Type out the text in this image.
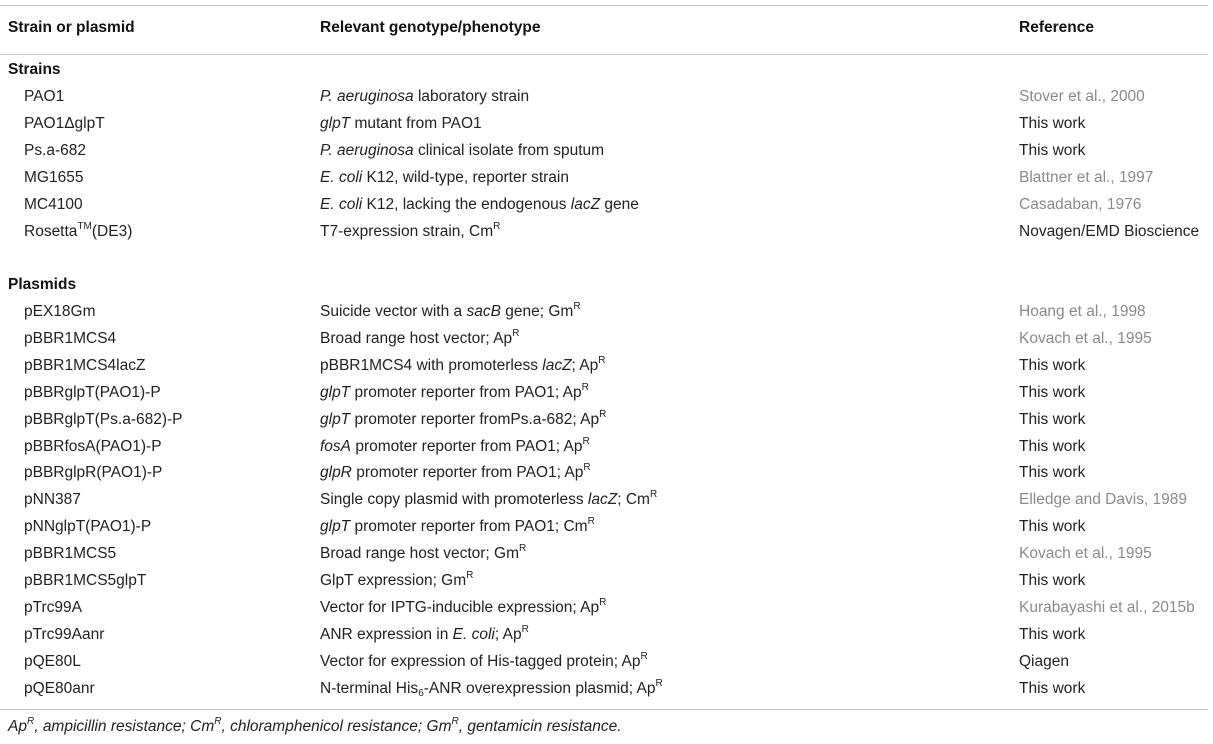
Strain or plasmid	Relevant genotype/phenotype	Reference
Strains
PAO1	P. aeruginosa laboratory strain	Stover et al., 2000
PAO1ΔglpT	glpT mutant from PAO1	This work
Ps.a-682	P. aeruginosa clinical isolate from sputum	This work
MG1655	E. coli K12, wild-type, reporter strain	Blattner et al., 1997
MC4100	E. coli K12, lacking the endogenous lacZ gene	Casadaban, 1976
Rosetta™(DE3)	T7-expression strain, $Cm^R$	Novagen/EMD Bioscience
Plasmids
pEX18Gm	Suicide vector with a sacB gene; $Gm^R$	Hoang et al., 1998
pBBR1MCS4	Broad range host vector; $Ap^R$	Kovach et al., 1995
pBBR1MCS4lacZ	pBBR1MCS4 with promoterless lacZ; $Ap^R$	This work
pBBRglpT(PAO1)-P	glpT promoter reporter from PAO1; $Ap^R$	This work
pBBRglpT(Ps.a-682)-P	glpT promoter reporter fromPs.a-682; $Ap^R$	This work
pBBRfosA(PAO1)-P	fosA promoter reporter from PAO1; $Ap^R$	This work
pBBRglpR(PAO1)-P	glpR promoter reporter from PAO1; $Ap^R$	This work
pNN387	Single copy plasmid with promoterless lacZ; $Cm^R$	Elledge and Davis, 1989
pNNglpT(PAO1)-P	glpT promoter reporter from PAO1; $Cm^R$	This work
pBBR1MCS5	Broad range host vector; $Gm^R$	Kovach et al., 1995
pBBR1MCS5glpT	GlpT expression; $Gm^R$	This work
pTrc99A	Vector for IPTG-inducible expression; $Ap^R$	Kurabayashi et al., 2015b
pTrc99Aanr	ANR expression in E. coli; $Ap^R$	This work
pQE80L	Vector for expression of His-tagged protein; $Ap^R$	Qiagen
pQE80anr	N-terminal His$_6$-ANR overexpression plasmid; $Ap^R$	This work
$Ap^R$, ampicillin resistance; $Cm^R$, chloramphenicol resistance; $Gm^R$, gentamicin resistance.
